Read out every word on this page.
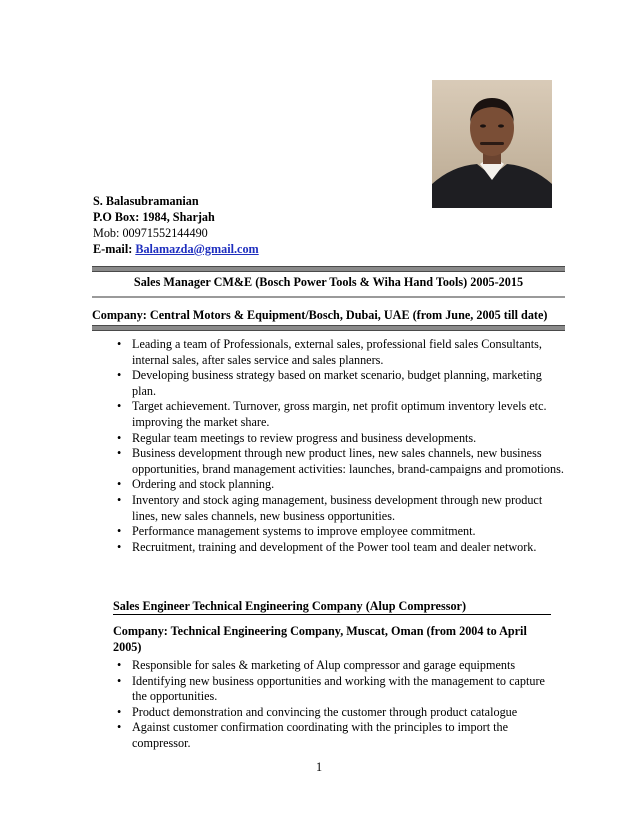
S. Balasubramanian
P.O Box: 1984, Sharjah
Mob: 00971552144490
E-mail: Balamazda@gmail.com
Sales Manager CM&E (Bosch Power Tools & Wiha Hand Tools) 2005-2015
Company: Central Motors & Equipment/Bosch, Dubai, UAE (from June, 2005 till date)
• Leading a team of Professionals, external sales, professional field sales Consultants, internal sales, after sales service and sales planners.
• Developing business strategy based on market scenario, budget planning, marketing plan.
• Target achievement. Turnover, gross margin, net profit optimum inventory levels etc. improving the market share.
• Regular team meetings to review progress and business developments.
• Business development through new product lines, new sales channels, new business opportunities, brand management activities: launches, brand-campaigns and promotions.
• Ordering and stock planning.
• Inventory and stock aging management, business development through new product lines, new sales channels, new business opportunities.
• Performance management systems to improve employee commitment.
• Recruitment, training and development of the Power tool team and dealer network.
Sales Engineer Technical Engineering Company (Alup Compressor)
Company: Technical Engineering Company, Muscat, Oman (from 2004 to April 2005)
• Responsible for sales & marketing of Alup compressor and garage equipments
• Identifying new business opportunities and working with the management to capture the opportunities.
• Product demonstration and convincing the customer through product catalogue
• Against customer confirmation coordinating with the principles to import the compressor.
1
